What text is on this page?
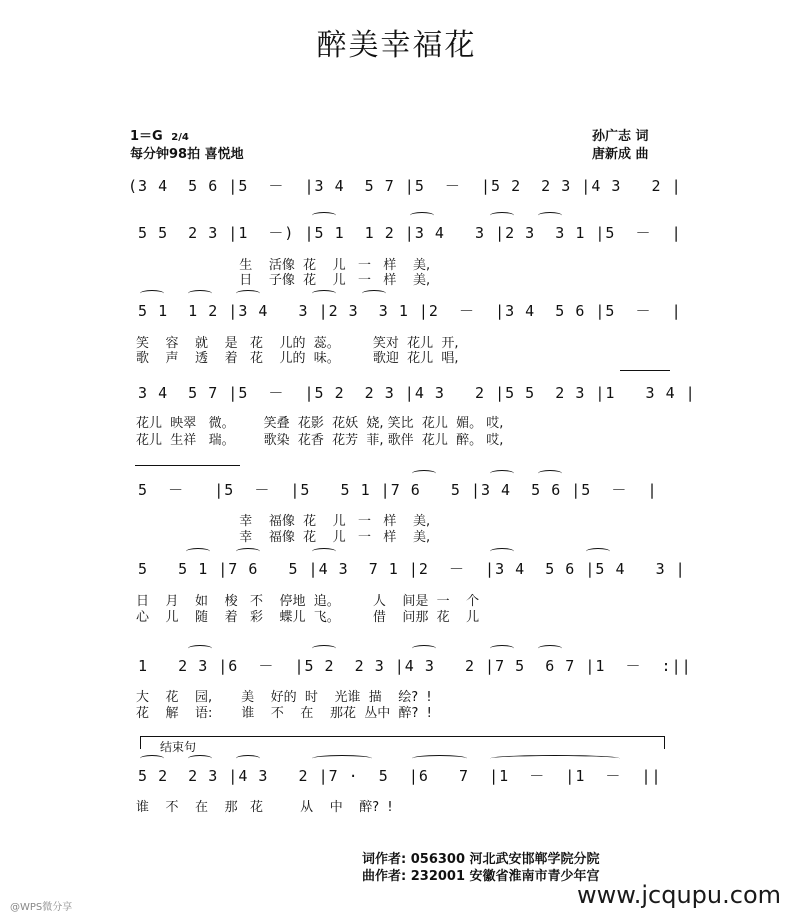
醉美幸福花
1＝G 2/4
每分钟98拍 喜悦地
孙广志 词
唐新成 曲
(3 4  5 6 |5  －  |3 4  5 7 |5  －  |5 2  2 3 |4 3   2 |
5 5  2 3 |1  －) |5 1  1 2 |3 4   3 |2 3  3 1 |5  －  |
生    活像  花    儿   一   样    美,
日    子像  花    儿   一   样    美,
5 1  1 2 |3 4   3 |2 3  3 1 |2  －  |3 4  5 6 |5  －  |
笑    容    就    是   花    儿的  蕊。        笑对  花儿  开,
歌    声    透    着   花    儿的  味。        歌迎  花儿  唱,
3 4  5 7 |5  －  |5 2  2 3 |4 3   2 |5 5  2 3 |1   3 4 |
花儿  映翠   微。       笑叠  花影  花妖  娆, 笑比  花儿  媚。 哎,
花儿  生祥   瑞。       歌染  花香  花芳  菲, 歌伴  花儿  醉。 哎,
5  －   |5  －  |5   5 1 |7 6   5 |3 4  5 6 |5  －  |
幸    福像  花    儿   一   样    美,
幸    福像  花    儿   一   样    美,
5   5 1 |7 6   5 |4 3  7 1 |2  －  |3 4  5 6 |5 4   3 |
日    月    如    梭   不    停地  追。        人    间是  一    个
心    儿    随    着   彩    蝶儿  飞。        借    问那  花    儿
1   2 3 |6  －  |5 2  2 3 |4 3   2 |7 5  6 7 |1  －  :||
大    花    园,       美    好的  时    光谁  描    绘?  !
花    解    语:       谁    不    在    那花  丛中  醉?  !
结束句
5 2  2 3 |4 3   2 |7 ·  5  |6   7  |1  －  |1  －  ||
谁    不    在    那   花         从    中    醉?  !
词作者: 056300 河北武安邯郸学院分院
曲作者: 232001 安徽省淮南市青少年宫
www.jcqupu.com
@WPS微分享
